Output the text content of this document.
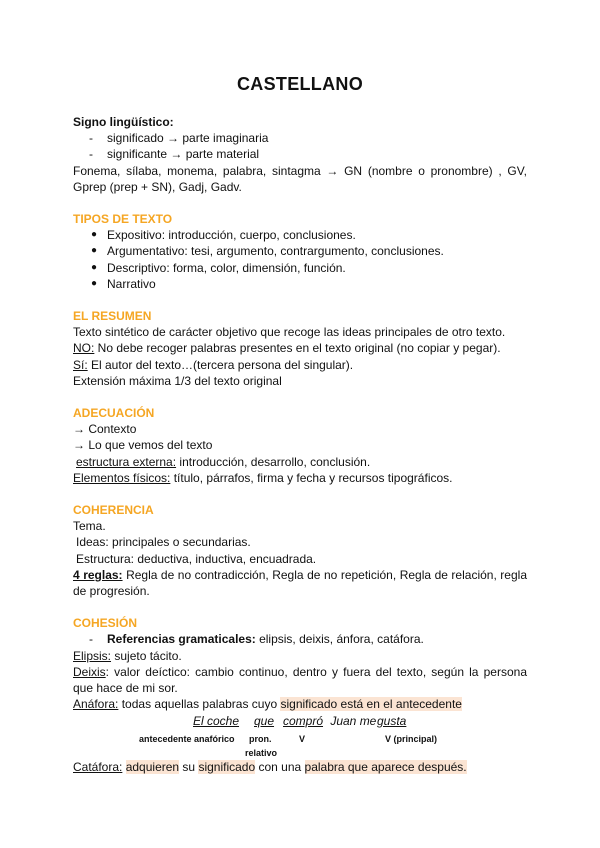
CASTELLANO

Signo lingüístico:

- significado → parte imaginaria

- significante → parte material

Fonema, sílaba, monema, palabra, sintagma → GN (nombre o pronombre) , GV, Gprep (prep + SN), Gadj, Gadv.

TIPOS DE TEXTO

● Expositivo: introducción, cuerpo, conclusiones.

● Argumentativo: tesi, argumento, contrargumento, conclusiones.

● Descriptivo: forma, color, dimensión, función.

● Narrativo

EL RESUMEN

Texto sintético de carácter objetivo que recoge las ideas principales de otro texto.

NO: No debe recoger palabras presentes en el texto original (no copiar y pegar).

Sí: El autor del texto…(tercera persona del singular).

Extensión máxima 1/3 del texto original

ADECUACIÓN

→ Contexto

→ Lo que vemos del texto

estructura externa: introducción, desarrollo, conclusión.

Elementos físicos: título, párrafos, firma y fecha y recursos tipográficos.

COHERENCIA

Tema.

Ideas: principales o secundarias.

Estructura: deductiva, inductiva, encuadrada.

4 reglas: Regla de no contradicción, Regla de no repetición, Regla de relación, regla de progresión.

COHESIÓN

- Referencias gramaticales: elipsis, deixis, ánfora, catáfora.

Elipsis: sujeto tácito.

Deixis: valor deíctico: cambio continuo, dentro y fuera del texto, según la persona que hace de mi sor.

Anáfora: todas aquellas palabras cuyo significado está en el antecedente

El coche que compró Juan me
gusta
antecedente anafórico pron.
relativo
V	V (principal)

Catáfora: adquieren su significado con una palabra que aparece después.
